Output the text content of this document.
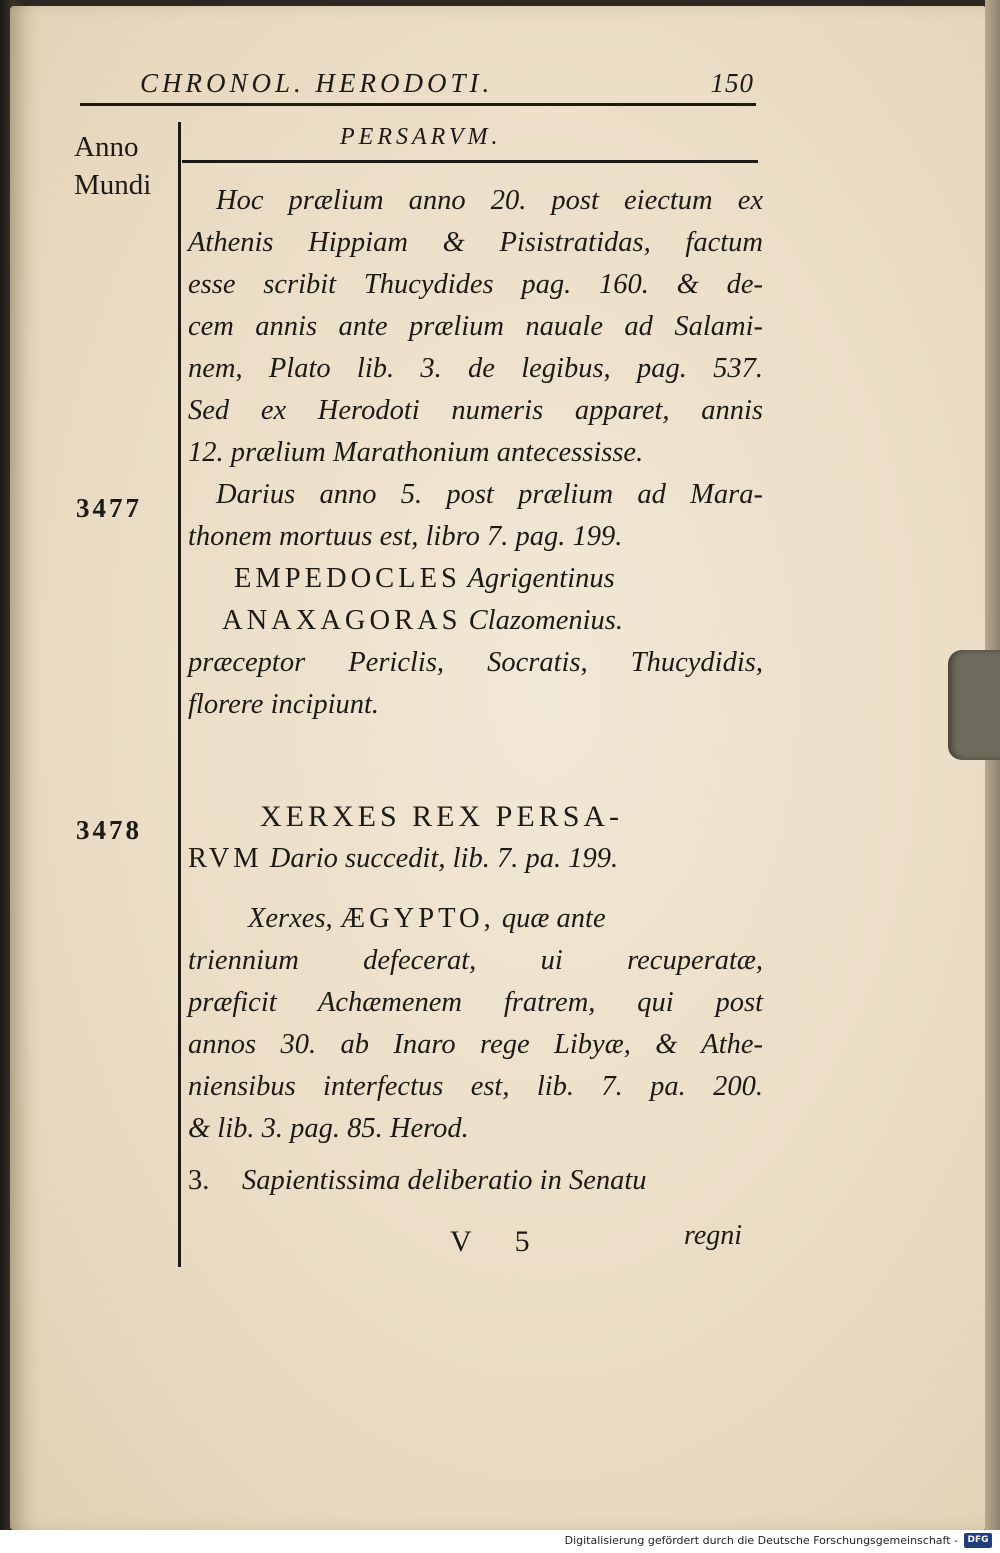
CHRONOL. HERODOTI.	150
Anno
Mundi
PERSARVM.
3477
3478
Hoc prælium anno 20. post eiectum ex
Athenis Hippiam & Pisistratidas, factum
esse scribit Thucydides pag. 160. & de-
cem annis ante prælium nauale ad Salami-
nem, Plato lib. 3. de legibus, pag. 537.
Sed ex Herodoti numeris apparet, annis
12. prælium Marathonium antecessisse.
Darius anno 5. post prælium ad Mara-
thonem mortuus est, libro 7. pag. 199.
EMPEDOCLES Agrigentinus
ANAXAGORAS Clazomenius.
præceptor Periclis, Socratis, Thucydidis,
florere incipiunt.
XERXES REX PERSA-
RVM Dario succedit, lib. 7. pa. 199.
Xerxes, ÆGYPTO, quæ ante
triennium defecerat, ui recuperatæ,
præficit Achæmenem fratrem, qui post
annos 30. ab Inaro rege Libyæ, & Athe-
niensibus interfectus est, lib. 7. pa. 200.
& lib. 3. pag. 85. Herod.
3. Sapientissima deliberatio in Senatu
V 5	regni
Digitalisierung gefördert durch die Deutsche Forschungsgemeinschaft -	DFG
